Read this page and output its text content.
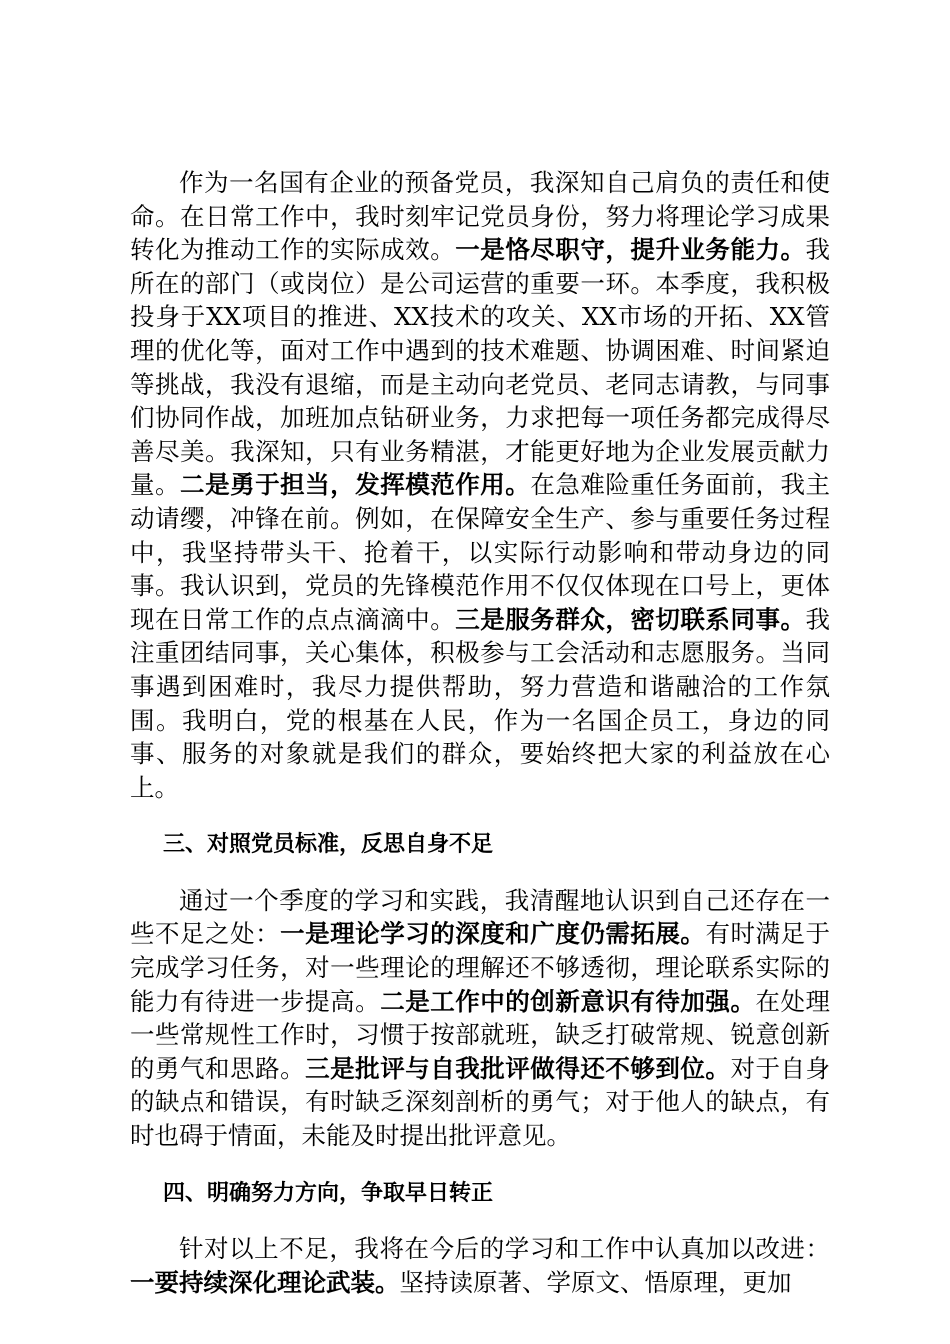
作为一名国有企业的预备党员，我深知自己肩负的责任和使命。在日常工作中，我时刻牢记党员身份，努力将理论学习成果转化为推动工作的实际成效。一是恪尽职守，提升业务能力。我所在的部门（或岗位）是公司运营的重要一环。本季度，我积极投身于XX项目的推进、XX技术的攻关、XX市场的开拓、XX管理的优化等，面对工作中遇到的技术难题、协调困难、时间紧迫等挑战，我没有退缩，而是主动向老党员、老同志请教，与同事们协同作战，加班加点钻研业务，力求把每一项任务都完成得尽善尽美。我深知，只有业务精湛，才能更好地为企业发展贡献力量。二是勇于担当，发挥模范作用。在急难险重任务面前，我主动请缨，冲锋在前。例如，在保障安全生产、参与重要任务过程中，我坚持带头干、抢着干，以实际行动影响和带动身边的同事。我认识到，党员的先锋模范作用不仅仅体现在口号上，更体现在日常工作的点点滴滴中。三是服务群众，密切联系同事。我注重团结同事，关心集体，积极参与工会活动和志愿服务。当同事遇到困难时，我尽力提供帮助，努力营造和谐融洽的工作氛围。我明白，党的根基在人民，作为一名国企员工，身边的同事、服务的对象就是我们的群众，要始终把大家的利益放在心上。

三、对照党员标准，反思自身不足

通过一个季度的学习和实践，我清醒地认识到自己还存在一些不足之处：一是理论学习的深度和广度仍需拓展。有时满足于完成学习任务，对一些理论的理解还不够透彻，理论联系实际的能力有待进一步提高。二是工作中的创新意识有待加强。在处理一些常规性工作时，习惯于按部就班，缺乏打破常规、锐意创新的勇气和思路。三是批评与自我批评做得还不够到位。对于自身的缺点和错误，有时缺乏深刻剖析的勇气；对于他人的缺点，有时也碍于情面，未能及时提出批评意见。

四、明确努力方向，争取早日转正

针对以上不足，我将在今后的学习和工作中认真加以改进：一要持续深化理论武装。坚持读原著、学原文、悟原理，更加
